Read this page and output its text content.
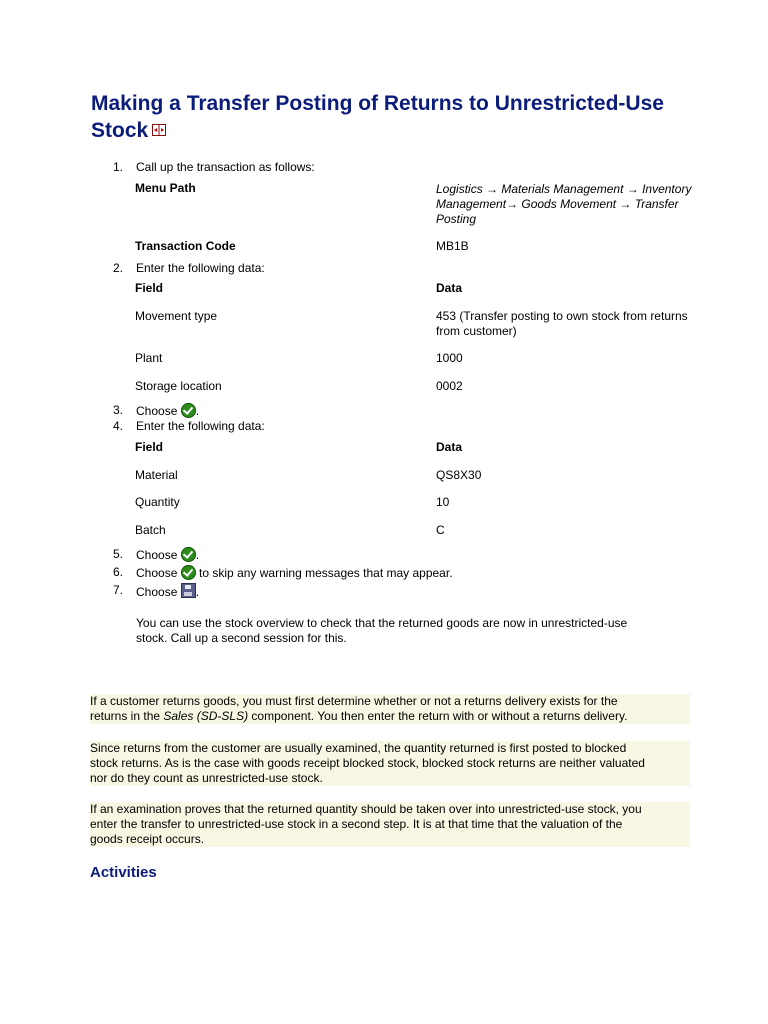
Making a Transfer Posting of Returns to Unrestricted-Use Stock
1. Call up the transaction as follows:
Menu Path	Logistics → Materials Management → Inventory
Management→ Goods Movement → Transfer
Posting
Transaction Code	MB1B
2. Enter the following data:
Field	Data
Movement type	453 (Transfer posting to own stock from returns
from customer)
Plant	1000
Storage location	0002
3. Choose .
4. Enter the following data:
Field	Data
Material	QS8X30
Quantity	10
Batch	C
5. Choose .
6. Choose  to skip any warning messages that may appear.
7. Choose .
You can use the stock overview to check that the returned goods are now in unrestricted-use
stock. Call up a second session for this.
If a customer returns goods, you must first determine whether or not a returns delivery exists for the
returns in the Sales (SD-SLS) component. You then enter the return with or without a returns delivery.
Since returns from the customer are usually examined, the quantity returned is first posted to blocked
stock returns. As is the case with goods receipt blocked stock, blocked stock returns are neither valuated
nor do they count as unrestricted-use stock.
If an examination proves that the returned quantity should be taken over into unrestricted-use stock, you
enter the transfer to unrestricted-use stock in a second step. It is at that time that the valuation of the
goods receipt occurs.
Activities
